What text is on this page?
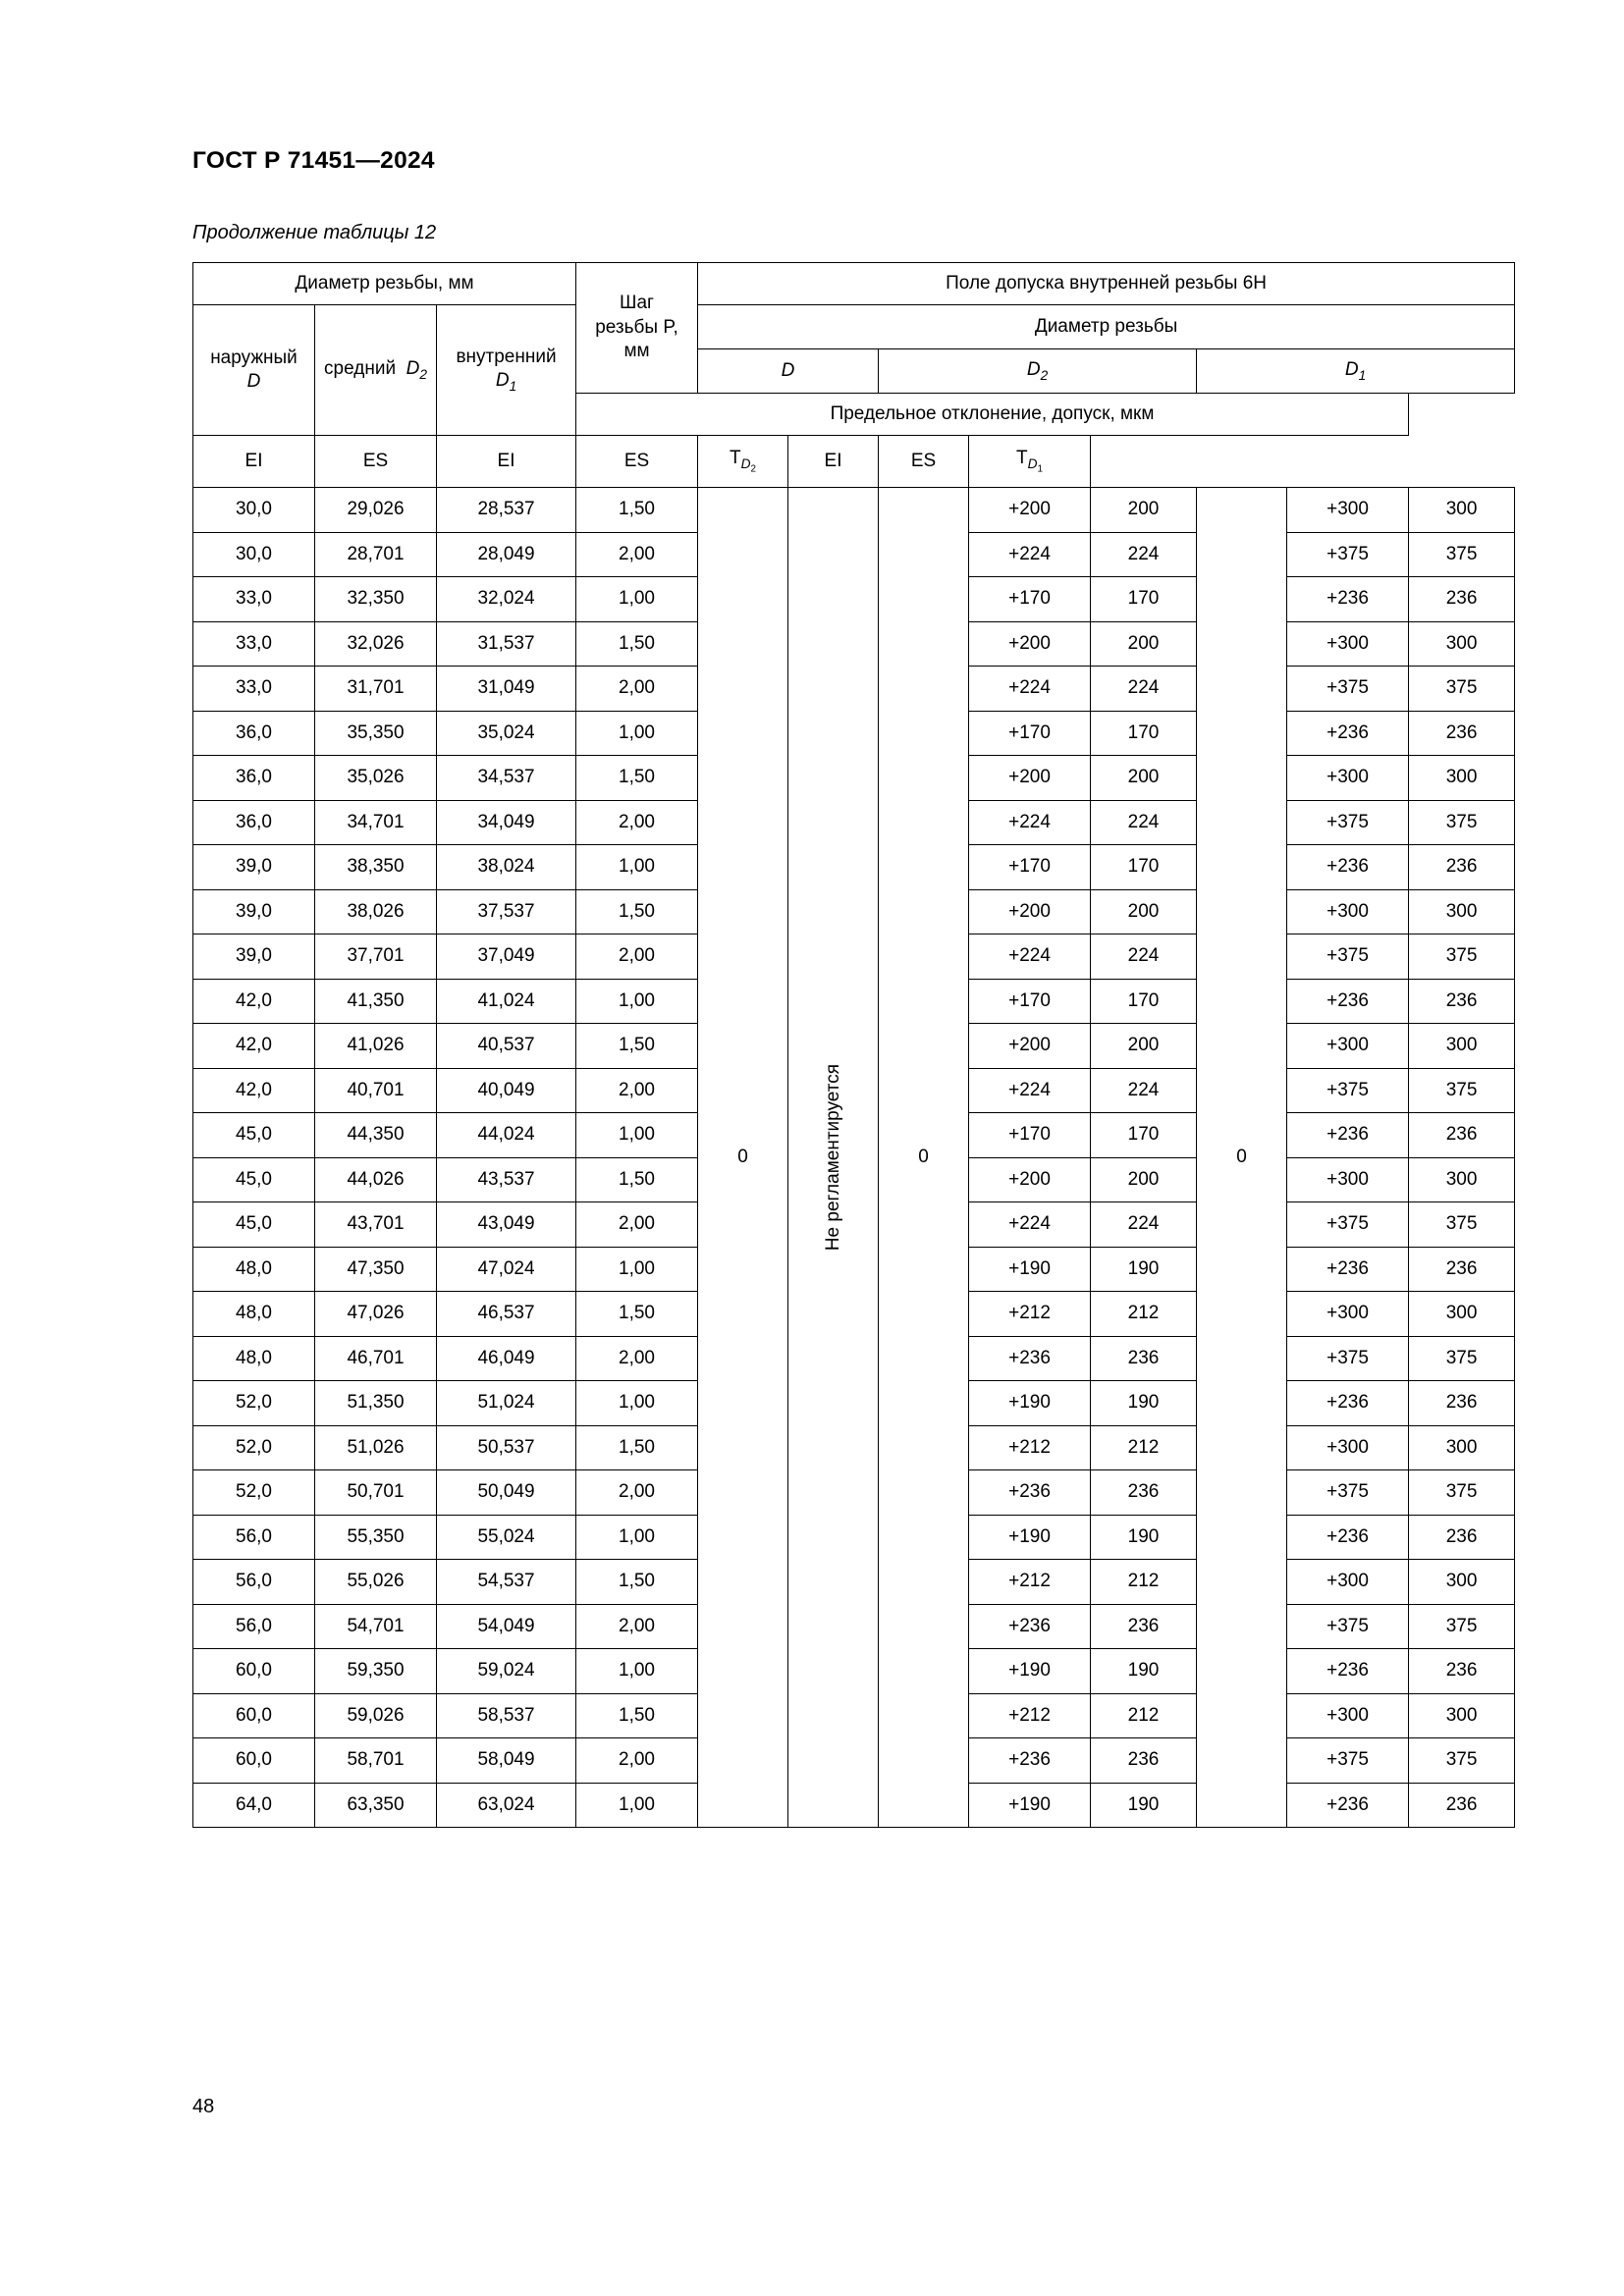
ГОСТ Р 71451—2024
Продолжение таблицы 12
Диаметр резьбы, мм			Шаг
резьбы P,
мм	Поле допуска внутренней резьбы 6H							

наружный
D
	средний $D_2$	
внутренний
$D_1$
	Диаметр резьбы
				D		$D_2$			$D_1$
			Предельное отклонение, допуск, мкм								
EI	ES	EI	ES	$T_{D_2}$	EI	ES	$T_{D_1}$
30,0	29,026	28,537	1,50	0	Не регламентируется	0	+200	200	0	+300	300
30,0	28,701	28,049	2,00				+224	224		+375	375
33,0	32,350	32,024	1,00				+170	170		+236	236
33,0	32,026	31,537	1,50				+200	200		+300	300
33,0	31,701	31,049	2,00				+224	224		+375	375
36,0	35,350	35,024	1,00				+170	170		+236	236
36,0	35,026	34,537	1,50				+200	200		+300	300
36,0	34,701	34,049	2,00				+224	224		+375	375
39,0	38,350	38,024	1,00				+170	170		+236	236
39,0	38,026	37,537	1,50				+200	200		+300	300
39,0	37,701	37,049	2,00				+224	224		+375	375
42,0	41,350	41,024	1,00				+170	170		+236	236
42,0	41,026	40,537	1,50				+200	200		+300	300
42,0	40,701	40,049	2,00				+224	224		+375	375
45,0	44,350	44,024	1,00				+170	170		+236	236
45,0	44,026	43,537	1,50				+200	200		+300	300
45,0	43,701	43,049	2,00				+224	224		+375	375
48,0	47,350	47,024	1,00				+190	190		+236	236
48,0	47,026	46,537	1,50				+212	212		+300	300
48,0	46,701	46,049	2,00				+236	236		+375	375
52,0	51,350	51,024	1,00				+190	190		+236	236
52,0	51,026	50,537	1,50				+212	212		+300	300
52,0	50,701	50,049	2,00				+236	236		+375	375
56,0	55,350	55,024	1,00				+190	190		+236	236
56,0	55,026	54,537	1,50				+212	212		+300	300
56,0	54,701	54,049	2,00				+236	236		+375	375
60,0	59,350	59,024	1,00				+190	190		+236	236
60,0	59,026	58,537	1,50				+212	212		+300	300
60,0	58,701	58,049	2,00				+236	236		+375	375
64,0	63,350	63,024	1,00				+190	190		+236	236
48
